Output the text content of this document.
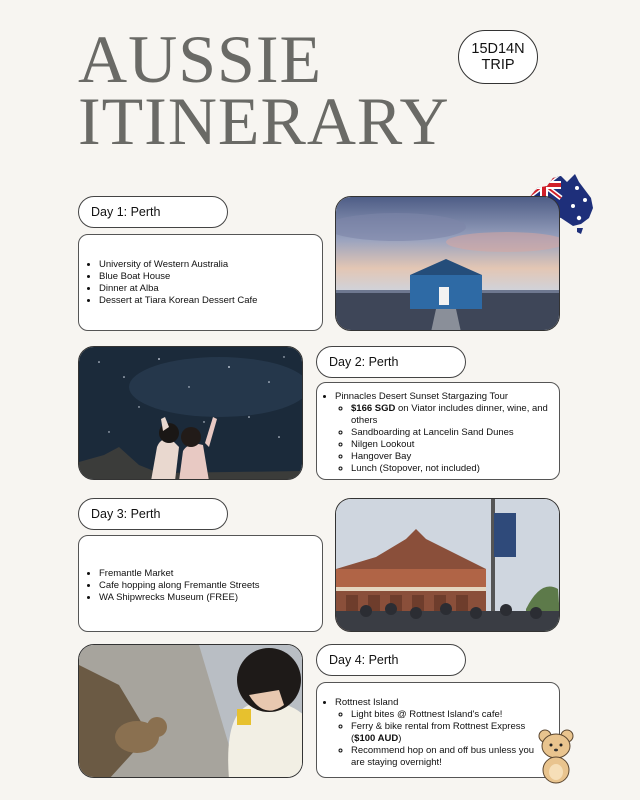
AUSSIE
ITINERARY
15D14N
TRIP
Day 1: Perth
• University of Western Australia
• Blue Boat House
• Dinner at Alba
• Dessert at Tiara Korean Dessert Cafe
Day 2: Perth
• Pinnacles Desert Sunset Stargazing Tour
◦ $166 SGD on Viator includes dinner, wine, and others
◦ Sandboarding at Lancelin Sand Dunes
◦ Nilgen Lookout
◦ Hangover Bay
◦ Lunch (Stopover, not included)
Day 3: Perth
• Fremantle Market
• Cafe hopping along Fremantle Streets
• WA Shipwrecks Museum (FREE)
Day 4: Perth
• Rottnest Island
◦ Light bites @ Rottnest Island's cafe!
◦ Ferry & bike rental from Rottnest Express ($100 AUD)
◦ Recommend hop on and off bus unless you are staying overnight!
